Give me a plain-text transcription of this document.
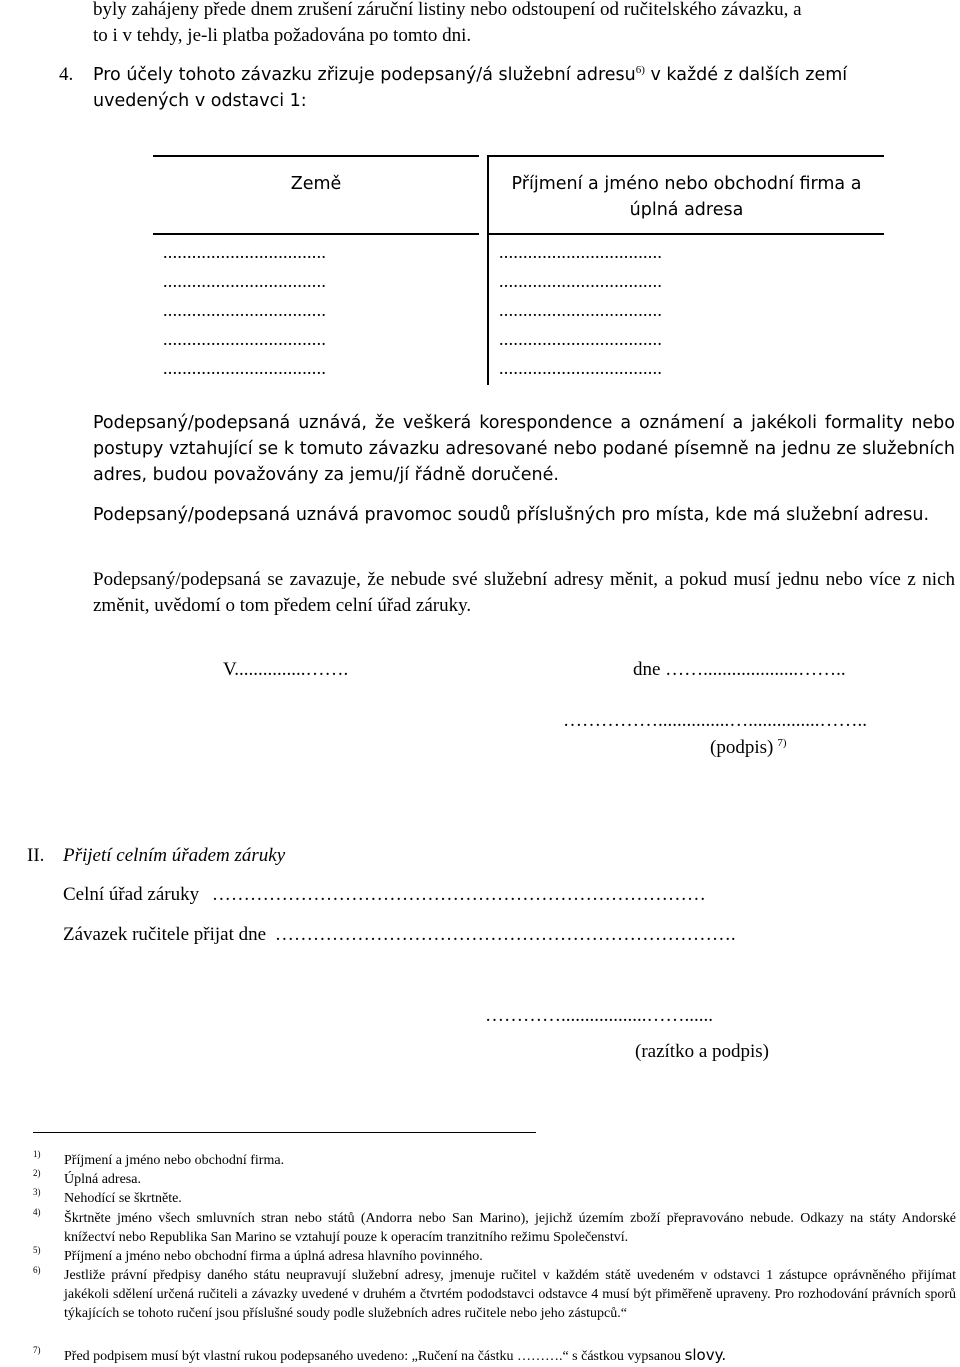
byly zahájeny přede dnem zrušení záruční listiny nebo odstoupení od ručitelského závazku, a
to i v tehdy, je-li platba požadována po tomto dni.
4. Pro účely tohoto závazku zřizuje podepsaný/á služební adresu$^{6)}$ v každé z dalších zemí
uvedených v odstavci 1:
Země	Příjmení a jméno nebo obchodní firma a úplná adresa
..................................
..................................
..................................
..................................
..................................
..................................
..................................
..................................
..................................
..................................
Podepsaný/podepsaná uznává, že veškerá korespondence a oznámení a jakékoli formality nebo postupy vztahující se k tomuto závazku adresované nebo podané písemně na jednu ze služebních adres, budou považovány za jemu/jí řádně doručené.
Podepsaný/podepsaná uznává pravomoc soudů příslušných pro místa, kde má služební adresu.
Podepsaný/podepsaná se zavazuje, že nebude své služební adresy měnit, a pokud musí jednu nebo více z nich změnit, uvědomí o tom předem celní úřad záruky.
V...............…….	dne ……....................……..
……………...............…...............……..
(podpis) $^{7)}$
II. Přijetí celním úřadem záruky
Celní úřad záruky ……………………………………………………………………
Závazek ručitele přijat dne ……………………………………………………………….
…………..................……......
(razítko a podpis)
1) Příjmení a jméno nebo obchodní firma.
2) Úplná adresa.
3) Nehodící se škrtněte.
4) Škrtněte jméno všech smluvních stran nebo států (Andorra nebo San Marino), jejichž územím zboží přepravováno nebude. Odkazy na státy Andorské knížectví nebo Republika San Marino se vztahují pouze k operacím tranzitního režimu Společenství.
5) Příjmení a jméno nebo obchodní firma a úplná adresa hlavního povinného.
6) Jestliže právní předpisy daného státu neupravují služební adresy, jmenuje ručitel v každém státě uvedeném v odstavci 1 zástupce oprávněného přijímat jakékoli sdělení určená ručiteli a závazky uvedené v druhém a čtvrtém pododstavci odstavce 4 musí být přiměřeně upraveny. Pro rozhodování právních sporů týkajících se tohoto ručení jsou příslušné soudy podle služebních adres ručitele nebo jeho zástupců.“
7) Před podpisem musí být vlastní rukou podepsaného uvedeno: „Ručení na částku ……….“ s částkou vypsanou slovy.
